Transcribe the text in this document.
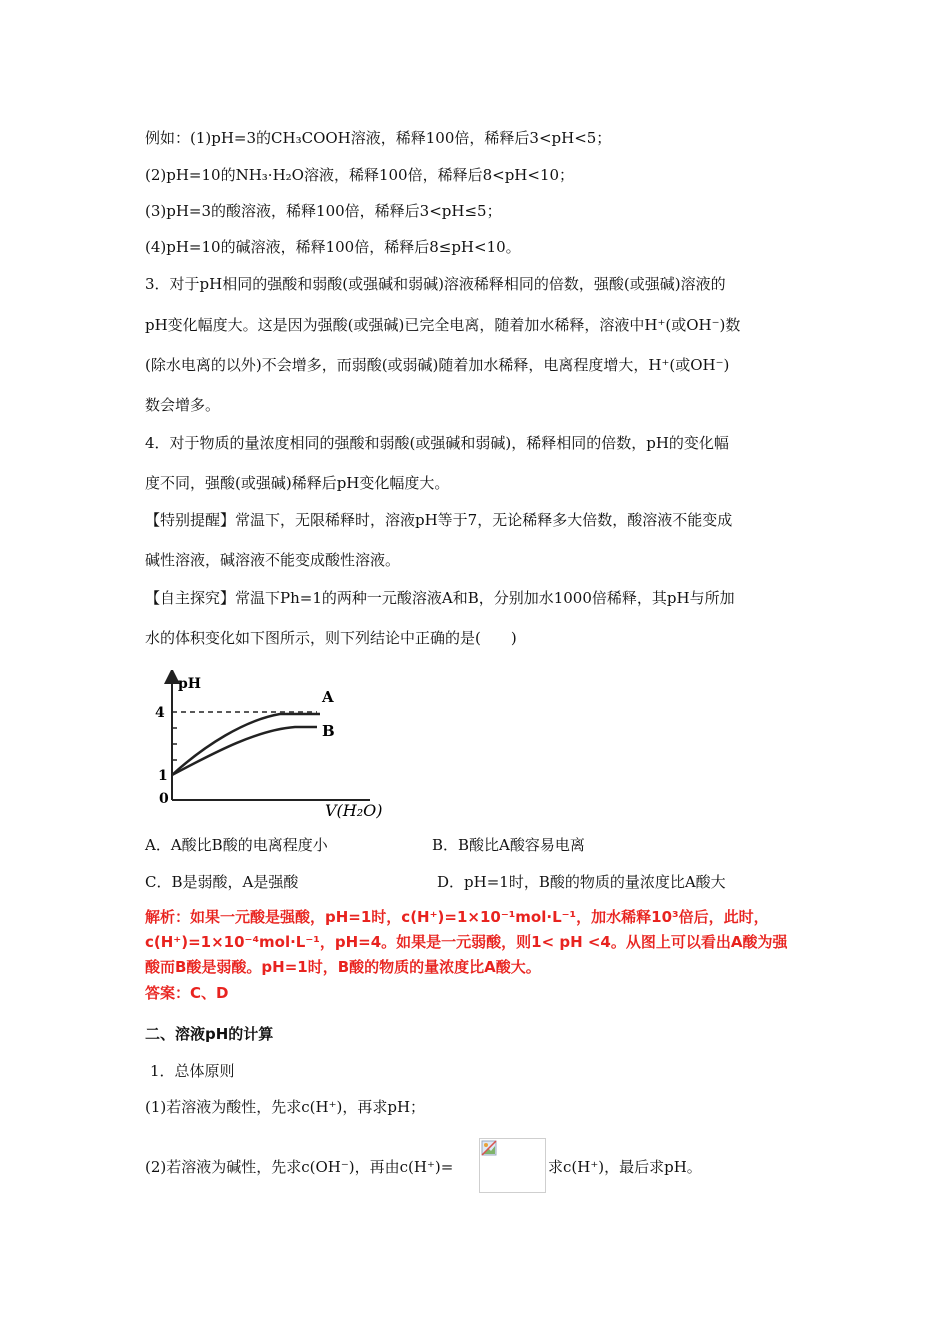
例如：(1)pH=3的CH₃COOH溶液，稀释100倍，稀释后3<pH<5；
(2)pH=10的NH₃·H₂O溶液，稀释100倍，稀释后8<pH<10；
(3)pH=3的酸溶液，稀释100倍，稀释后3<pH≤5；
(4)pH=10的碱溶液，稀释100倍，稀释后8≤pH<10。
3．对于pH相同的强酸和弱酸(或强碱和弱碱)溶液稀释相同的倍数，强酸(或强碱)溶液的
pH变化幅度大。这是因为强酸(或强碱)已完全电离，随着加水稀释，溶液中H⁺(或OH⁻)数
(除水电离的以外)不会增多，而弱酸(或弱碱)随着加水稀释，电离程度增大，H⁺(或OH⁻)
数会增多。
4．对于物质的量浓度相同的强酸和弱酸(或强碱和弱碱)，稀释相同的倍数，pH的变化幅
度不同，强酸(或强碱)稀释后pH变化幅度大。
【特别提醒】常温下，无限稀释时，溶液pH等于7，无论稀释多大倍数，酸溶液不能变成
碱性溶液，碱溶液不能变成酸性溶液。
【自主探究】常温下Ph=1的两种一元酸溶液A和B，分别加水1000倍稀释，其pH与所加
水的体积变化如下图所示，则下列结论中正确的是(　　)
pH
4
1
0
A
B
V(H₂O)
A．A酸比B酸的电离程度小	B．B酸比A酸容易电离
C．B是弱酸，A是强酸	D．pH=1时，B酸的物质的量浓度比A酸大
解析：如果一元酸是强酸，pH=1时，c(H⁺)=1×10⁻¹mol·L⁻¹，加水稀释10³倍后，此时，
c(H⁺)=1×10⁻⁴mol·L⁻¹，pH=4。如果是一元弱酸，则1< pH <4。从图上可以看出A酸为强
酸而B酸是弱酸。pH=1时，B酸的物质的量浓度比A酸大。
答案：C、D
二、溶液pH的计算
1．总体原则
(1)若溶液为酸性，先求c(H⁺)，再求pH；
(2)若溶液为碱性，先求c(OH⁻)，再由c(H⁺)=	求c(H⁺)，最后求pH。
